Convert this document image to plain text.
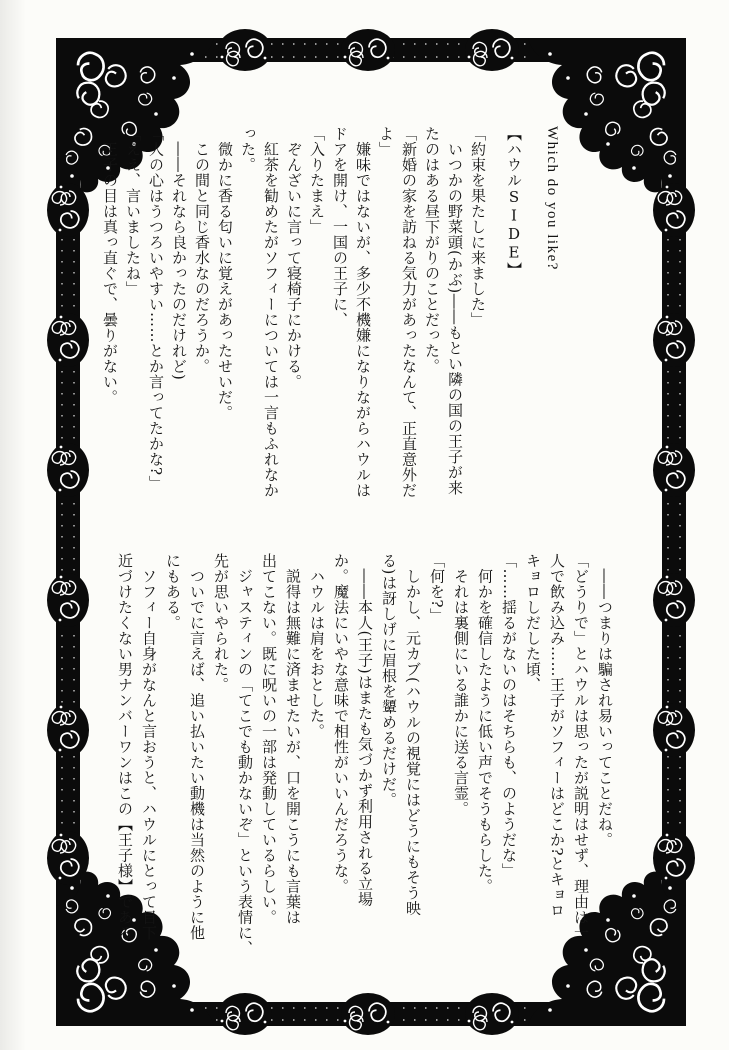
Which do you like?

【ハウルSIDE】

「約束を果たしに来ました」

　いつかの野菜頭(かぶ)――もとい隣の国の王子が来

たのはある昼下がりのことだった。

「新婚の家を訪ねる気力があったなんて、正直意外だ

よ」

　嫌味ではないが、多少不機嫌になりながらハウルは

ドアを開け、一国の王子に、

「入りたまえ」

　ぞんざいに言って寝椅子にかける。

　紅茶を勧めたがソフィーについては一言もふれなか

った。

　微かに香る匂いに覚えがあったせいだ。

　この間と同じ香水なのだろうか。

　――それなら良かったのだけれど)

「人の心はうつろいやすい……とか言ってたかな?」

「ええ、言いましたね」

　王子の目は真っ直ぐで、曇りがない。

　――つまりは騙され易いってことだね。

「どうりで」とハウルは思ったが説明はせず、理由は一

人で飲み込み……王子がソフィーはどこか?とキョロ

キョロしだした頃、

「……揺るがないのはそちらも、のようだな」

　何かを確信したように低い声でそうもらした。

　それは裏側にいる誰かに送る言霊。

「何を?」

　しかし、元カブ(ハウルの視覚にはどうにもそう映

る)は訝しげに眉根を顰めるだけだ。

　――本人(王子)はまたも気づかず利用される立場

か。魔法にいやな意味で相性がいいんだろうな。

　ハウルは肩をおとした。

　説得は無難に済ませたいが、口を開こうにも言葉は

出てこない。既に呪いの一部は発動しているらしい。

　ジャスティンの「てこでも動かないぞ」という表情に、

先が思いやられた。

　ついでに言えば、追い払いたい動機は当然のように他

にもある。

　ソフィー自身がなんと言おうと、ハウルにとって目下

近づけたくない男ナンバーワンはこの【王子様】である
